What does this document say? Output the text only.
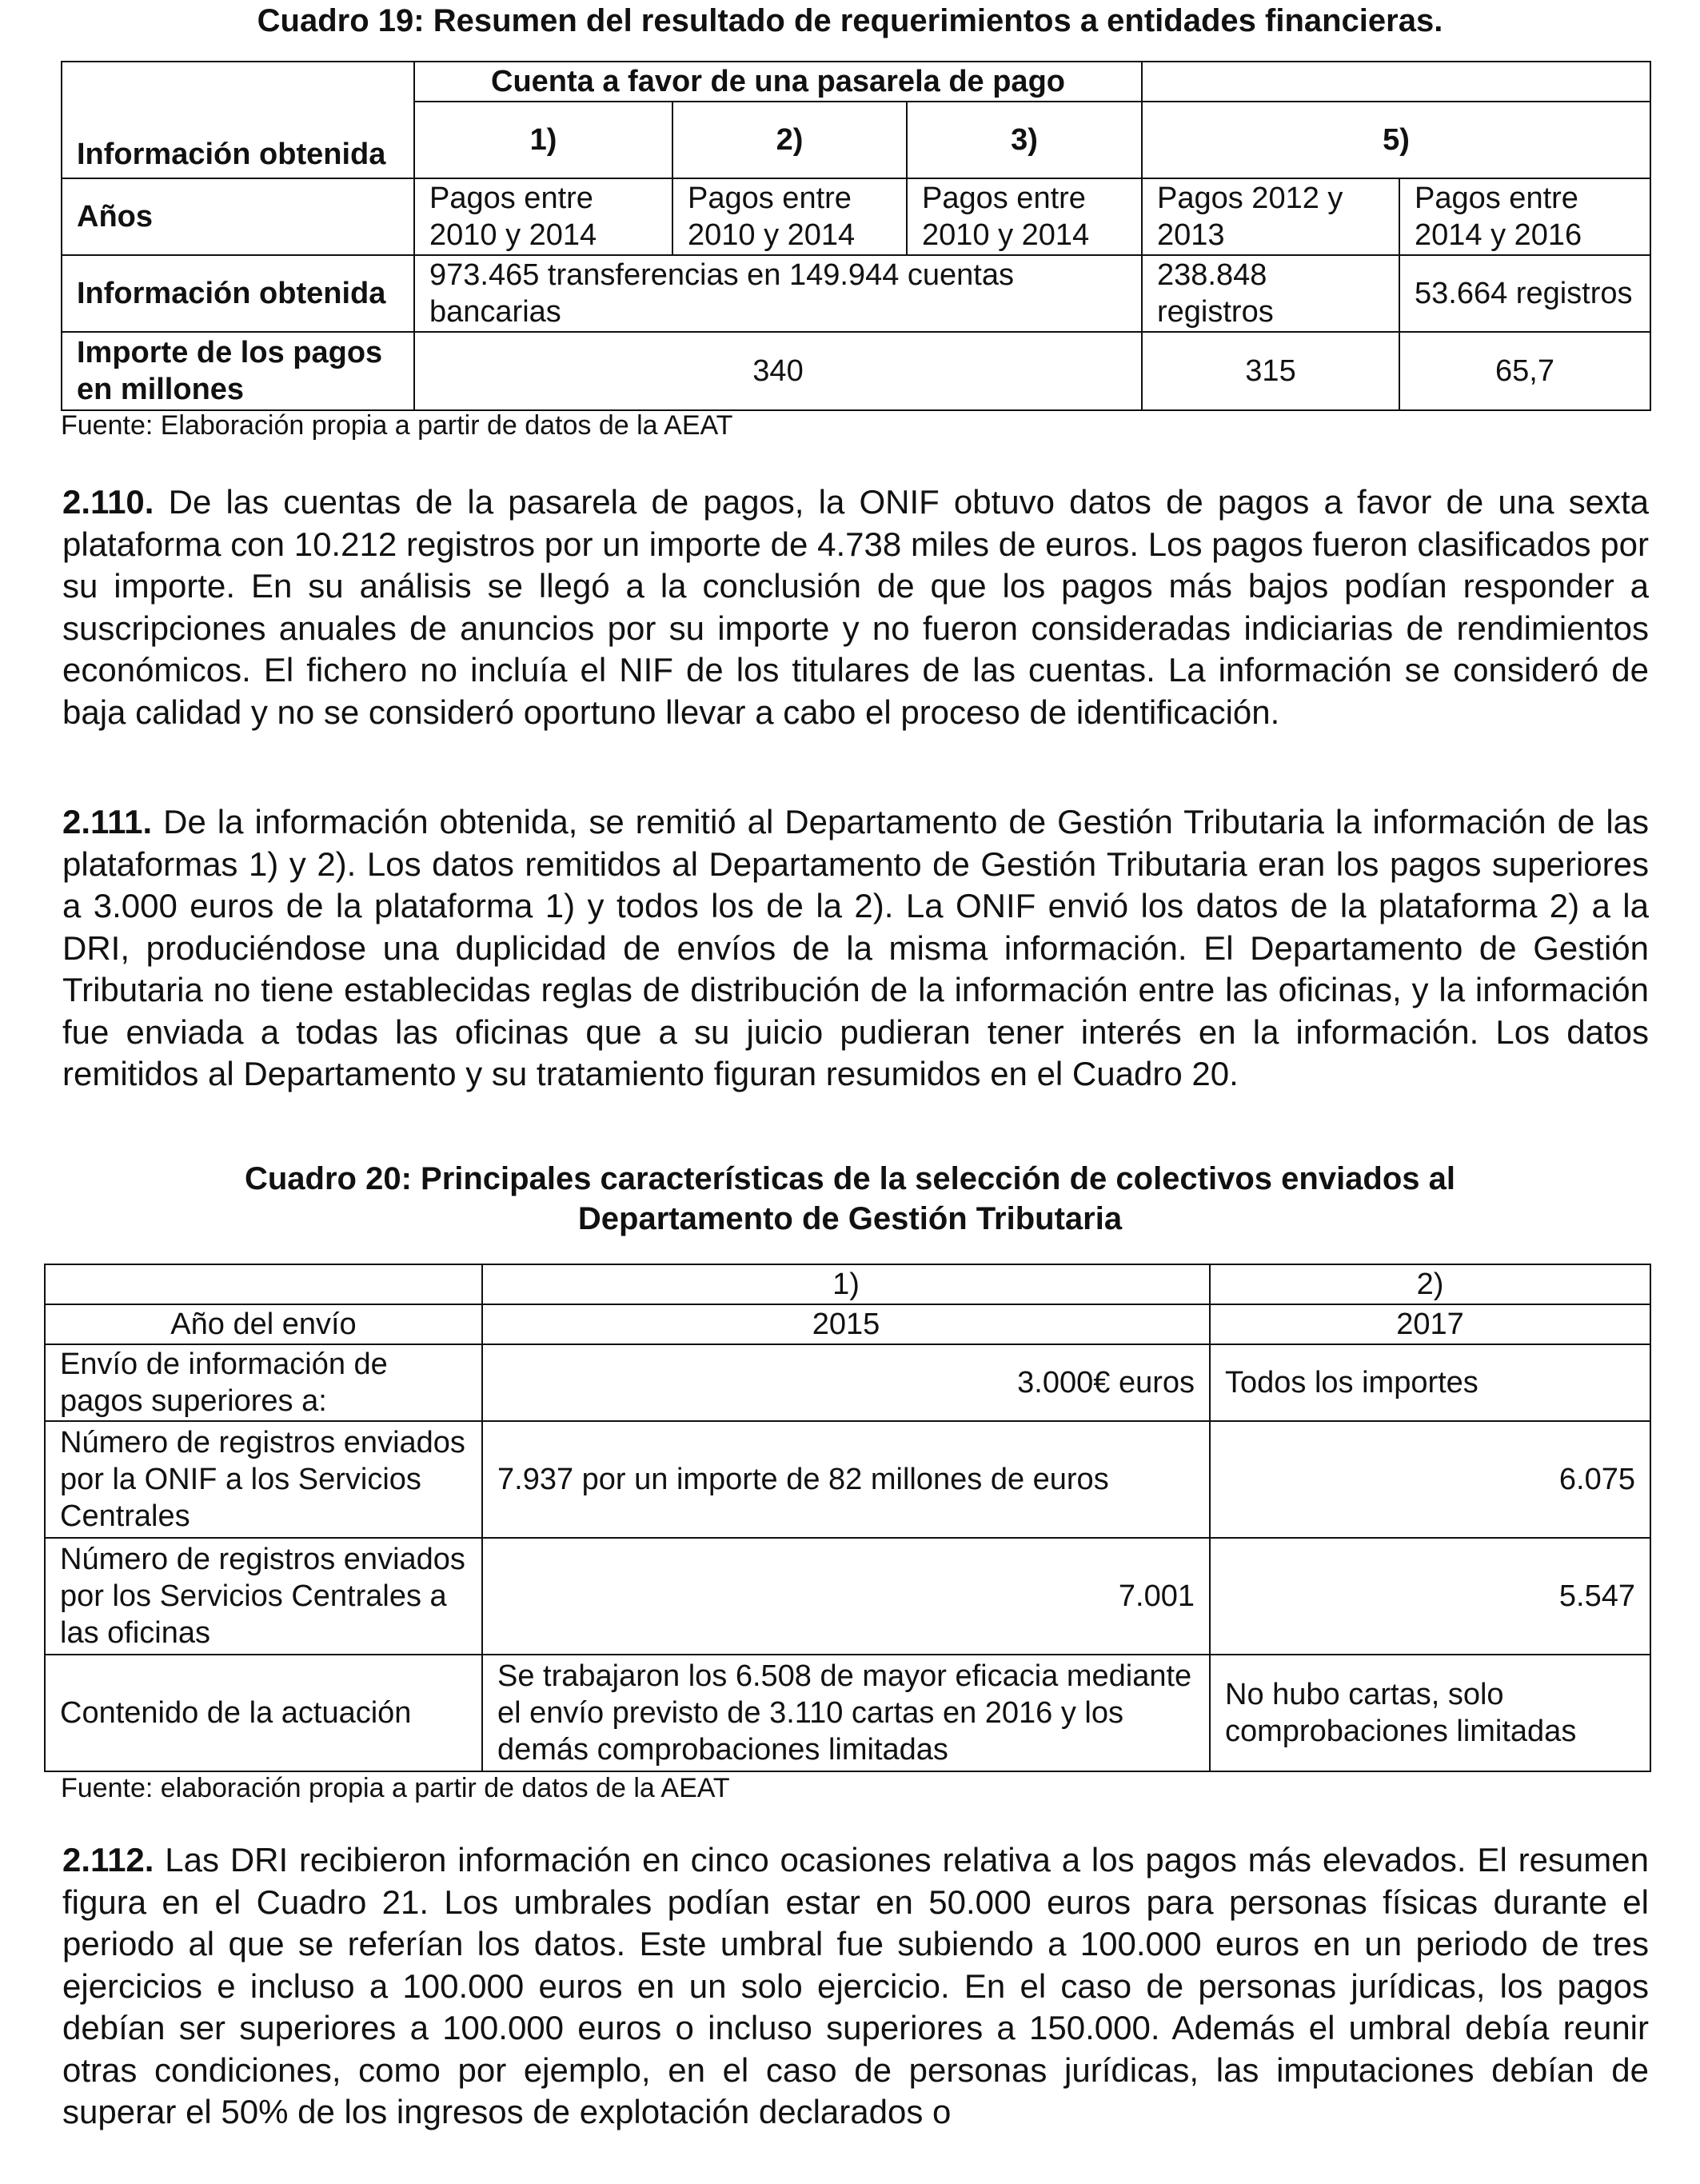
Cuadro 19: Resumen del resultado de requerimientos a entidades financieras.
Información obtenida	Cuenta a favor de una pasarela de pago				
	1)	2)	3)	5)	
Años	Pagos entre 2010 y 2014	Pagos entre 2010 y 2014	Pagos entre 2010 y 2014	Pagos 2012 y 2013	Pagos entre 2014 y 2016
Información obtenida	973.465 transferencias en 149.944 cuentas bancarias			238.848 registros	53.664 registros
Importe de los pagos en millones	340			315	65,7

Fuente: Elaboración propia a partir de datos de la AEAT

2.110. De las cuentas de la pasarela de pagos, la ONIF obtuvo datos de pagos a favor de una sexta plataforma con 10.212 registros por un importe de 4.738 miles de euros. Los pagos fueron clasificados por su importe. En su análisis se llegó a la conclusión de que los pagos más bajos podían responder a suscripciones anuales de anuncios por su importe y no fueron consideradas indiciarias de rendimientos económicos. El fichero no incluía el NIF de los titulares de las cuentas. La información se consideró de baja calidad y no se consideró oportuno llevar a cabo el proceso de identificación.

2.111. De la información obtenida, se remitió al Departamento de Gestión Tributaria la información de las plataformas 1) y 2). Los datos remitidos al Departamento de Gestión Tributaria eran los pagos superiores a 3.000 euros de la plataforma 1) y todos los de la 2). La ONIF envió los datos de la plataforma 2) a la DRI, produciéndose una duplicidad de envíos de la misma información. El Departamento de Gestión Tributaria no tiene establecidas reglas de distribución de la información entre las oficinas, y la información fue enviada a todas las oficinas que a su juicio pudieran tener interés en la información. Los datos remitidos al Departamento y su tratamiento figuran resumidos en el Cuadro 20.

Cuadro 20: Principales características de la selección de colectivos enviados al
Departamento de Gestión Tributaria
	1)	2)
Año del envío	2015	2017
Envío de información de pagos superiores a:	3.000€ euros	Todos los importes
Número de registros enviados por la ONIF a los Servicios Centrales	7.937 por un importe de 82 millones de euros	6.075
Número de registros enviados por los Servicios Centrales a las oficinas	7.001	5.547
Contenido de la actuación	Se trabajaron los 6.508 de mayor eficacia mediante el envío previsto de 3.110 cartas en 2016 y los demás comprobaciones limitadas	No hubo cartas, solo comprobaciones limitadas

Fuente: elaboración propia a partir de datos de la AEAT

2.112. Las DRI recibieron información en cinco ocasiones relativa a los pagos más elevados. El resumen figura en el Cuadro 21. Los umbrales podían estar en 50.000 euros para personas físicas durante el periodo al que se referían los datos. Este umbral fue subiendo a 100.000 euros en un periodo de tres ejercicios e incluso a 100.000 euros en un solo ejercicio. En el caso de personas jurídicas, los pagos debían ser superiores a 100.000 euros o incluso superiores a 150.000. Además el umbral debía reunir otras condiciones, como por ejemplo, en el caso de personas jurídicas, las imputaciones debían de superar el 50% de los ingresos de explotación declarados o
